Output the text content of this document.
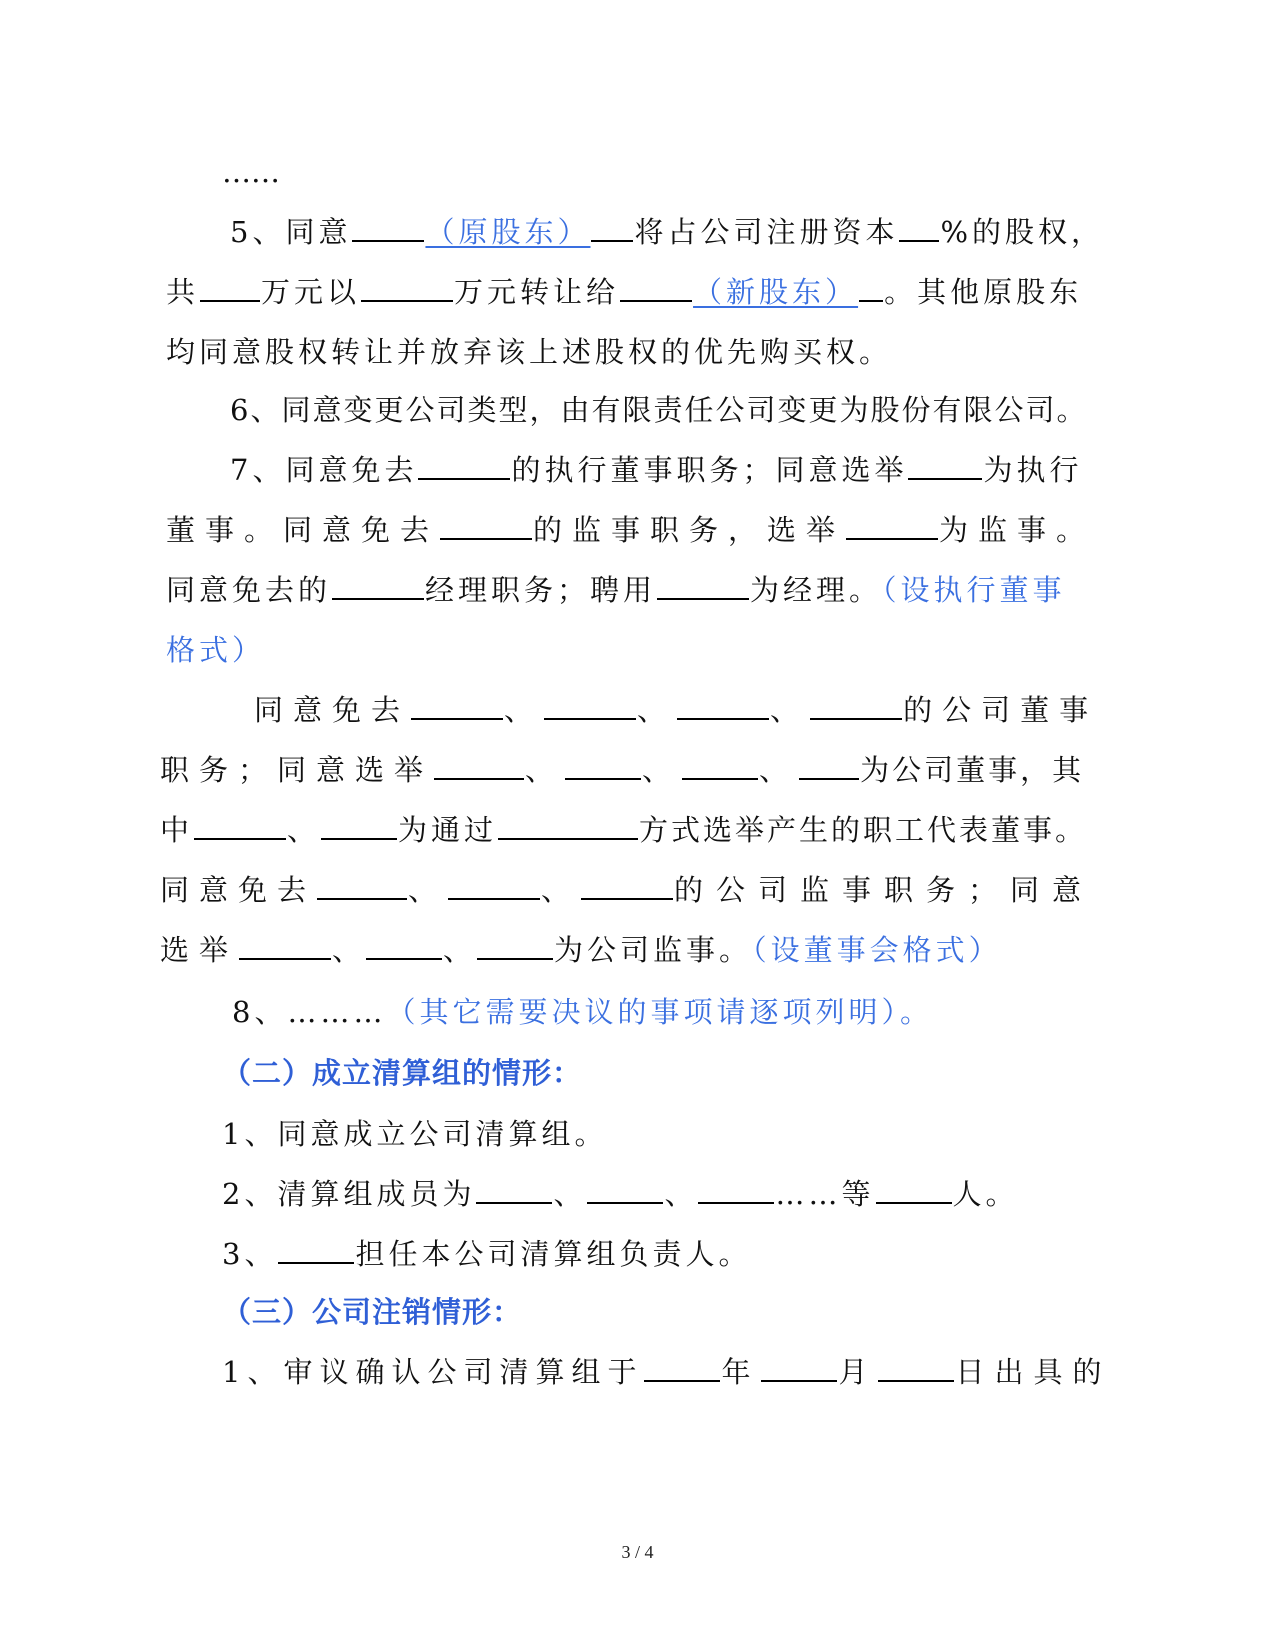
……
5、同意	（原股东） 将占公司注册资本 %的股权，
共 万元以	万元转让给	（新股东） 。其他原股东
均同意股权转让并放弃该上述股权的优先购买权。
6、同意变更公司类型，由有限责任公司变更为股份有限公司。
7、同意免去	的执行董事职务；同意选举	为执行
董事。同意免去	的监事职务，选举	为监事。
同意免去的	经理职务；聘用	为经理。（设执行董事
格式）
同意免去	、	、	、	的公司董事
职务；同意选举	、	、	、 为公司董事，其
中	、	为通过	方式选举产生的职工代表董事。
同意免去	、	、	的公司监事职务；同意
选举	、	、	为公司监事。（设董事会格式）
8、………（其它需要决议的事项请逐项列明）。
（二）成立清算组的情形：
1、同意成立公司清算组。
2、清算组成员为	、	、	……等	人。
3、	担任本公司清算组负责人。
（三）公司注销情形：
1、审议确认公司清算组于	年	月	日出具的
3 / 4
